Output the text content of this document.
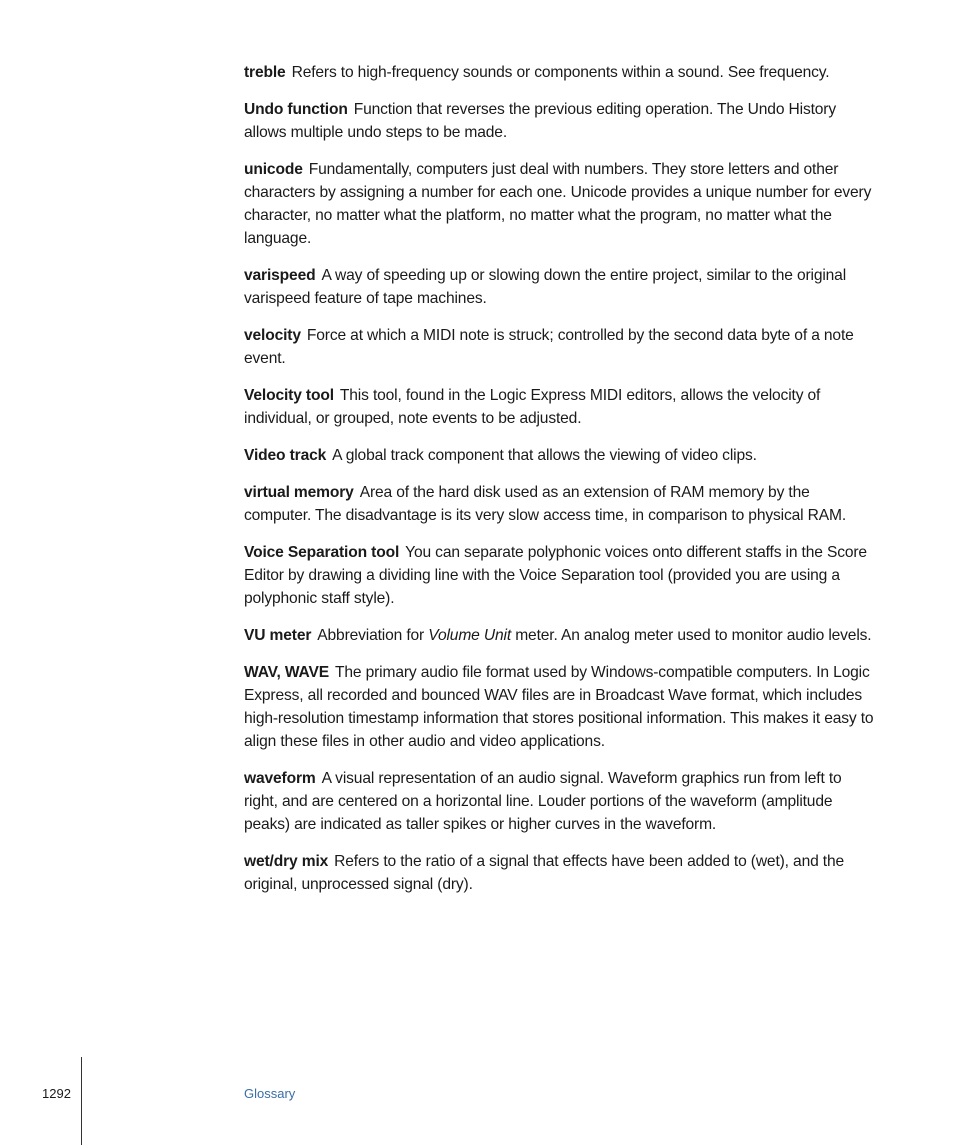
treble Refers to high-frequency sounds or components within a sound. See frequency.

Undo function Function that reverses the previous editing operation. The Undo History allows multiple undo steps to be made.

unicode Fundamentally, computers just deal with numbers. They store letters and other characters by assigning a number for each one. Unicode provides a unique number for every character, no matter what the platform, no matter what the program, no matter what the language.

varispeed A way of speeding up or slowing down the entire project, similar to the original varispeed feature of tape machines.

velocity Force at which a MIDI note is struck; controlled by the second data byte of a note event.

Velocity tool This tool, found in the Logic Express MIDI editors, allows the velocity of individual, or grouped, note events to be adjusted.

Video track A global track component that allows the viewing of video clips.

virtual memory Area of the hard disk used as an extension of RAM memory by the computer. The disadvantage is its very slow access time, in comparison to physical RAM.

Voice Separation tool You can separate polyphonic voices onto different staffs in the Score Editor by drawing a dividing line with the Voice Separation tool (provided you are using a polyphonic staff style).

VU meter Abbreviation for Volume Unit meter. An analog meter used to monitor audio levels.

WAV, WAVE The primary audio file format used by Windows-compatible computers. In Logic Express, all recorded and bounced WAV files are in Broadcast Wave format, which includes high-resolution timestamp information that stores positional information. This makes it easy to align these files in other audio and video applications.

waveform A visual representation of an audio signal. Waveform graphics run from left to right, and are centered on a horizontal line. Louder portions of the waveform (amplitude peaks) are indicated as taller spikes or higher curves in the waveform.

wet/dry mix Refers to the ratio of a signal that effects have been added to (wet), and the original, unprocessed signal (dry).

1292	Glossary
